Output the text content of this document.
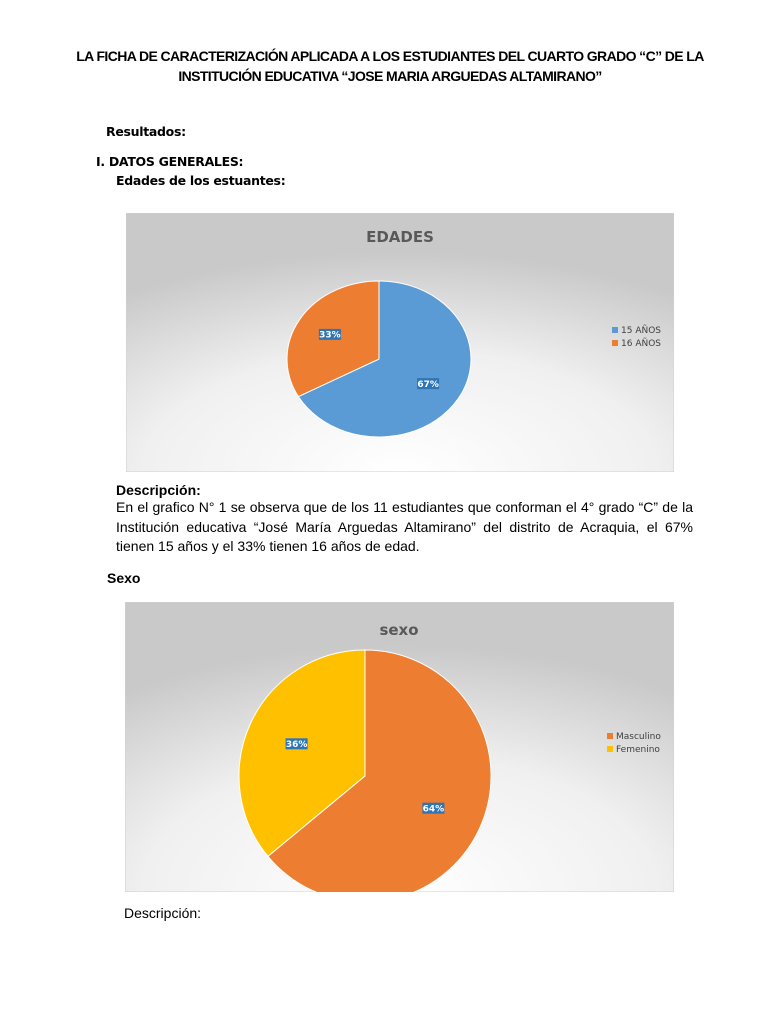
LA FICHA DE CARACTERIZACIÓN APLICADA A LOS ESTUDIANTES DEL CUARTO GRADO “C” DE LA
INSTITUCIÓN EDUCATIVA “JOSE MARIA ARGUEDAS ALTAMIRANO”
Resultados:
I. DATOS GENERALES:
Edades de los estuantes:
EDADES
67%
33%	15 AÑOS
16 AÑOS
Descripción:
En el grafico N° 1 se observa que de los 11 estudiantes que conforman el 4° grado “C” de la Institución educativa “José María Arguedas Altamirano” del distrito de Acraquia, el 67% tienen 15 años y el 33% tienen 16 años de edad.
Sexo
sexo
64%
36%
Masculino
Femenino
Descripción:
